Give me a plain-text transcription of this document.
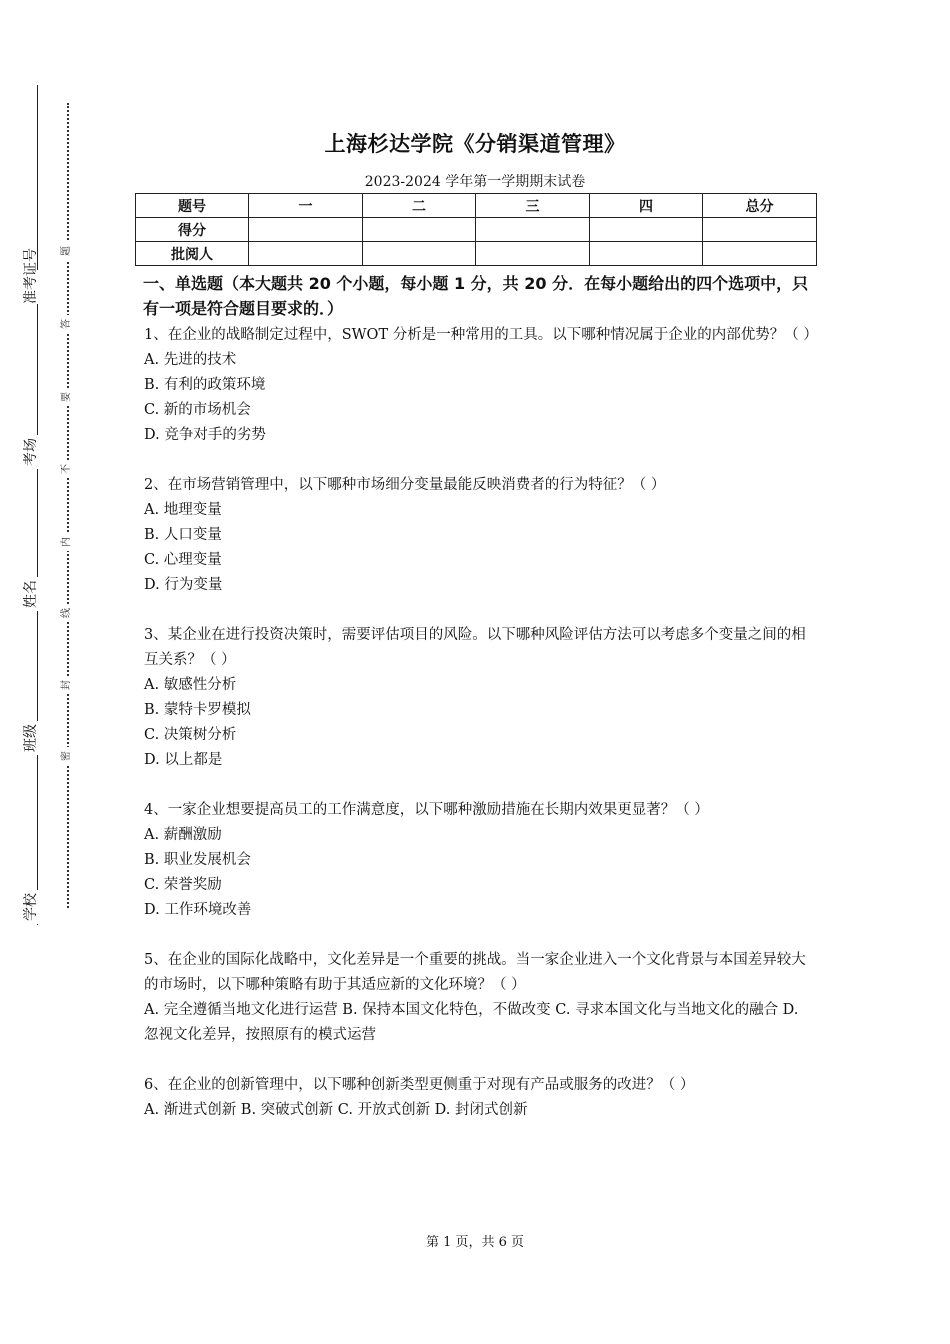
准考证号
考场
姓名
班级
学校
题
答
要
不
内
线
封
密
上海杉达学院《分销渠道管理》
2023-2024 学年第一学期期末试卷
题号	一	二	三	四	总分
得分					
批阅人					
一、单选题（本大题共 20 个小题，每小题 1 分，共 20 分．在每小题给出的四个选项中，只有一项是符合题目要求的．）
1、在企业的战略制定过程中，SWOT 分析是一种常用的工具。以下哪种情况属于企业的内部优势？（ ）
A. 先进的技术
B. 有利的政策环境
C. 新的市场机会
D. 竞争对手的劣势
2、在市场营销管理中，以下哪种市场细分变量最能反映消费者的行为特征？（ ）
A. 地理变量
B. 人口变量
C. 心理变量
D. 行为变量
3、某企业在进行投资决策时，需要评估项目的风险。以下哪种风险评估方法可以考虑多个变量之间的相互关系？（ ）
A. 敏感性分析
B. 蒙特卡罗模拟
C. 决策树分析
D. 以上都是
4、一家企业想要提高员工的工作满意度，以下哪种激励措施在长期内效果更显著？（ ）
A. 薪酬激励
B. 职业发展机会
C. 荣誉奖励
D. 工作环境改善
5、在企业的国际化战略中，文化差异是一个重要的挑战。当一家企业进入一个文化背景与本国差异较大的市场时，以下哪种策略有助于其适应新的文化环境？（ ）
A. 完全遵循当地文化进行运营 B. 保持本国文化特色，不做改变 C. 寻求本国文化与当地文化的融合 D. 忽视文化差异，按照原有的模式运营
6、在企业的创新管理中，以下哪种创新类型更侧重于对现有产品或服务的改进？（ ）
A. 渐进式创新 B. 突破式创新 C. 开放式创新 D. 封闭式创新
第 1 页，共 6 页
